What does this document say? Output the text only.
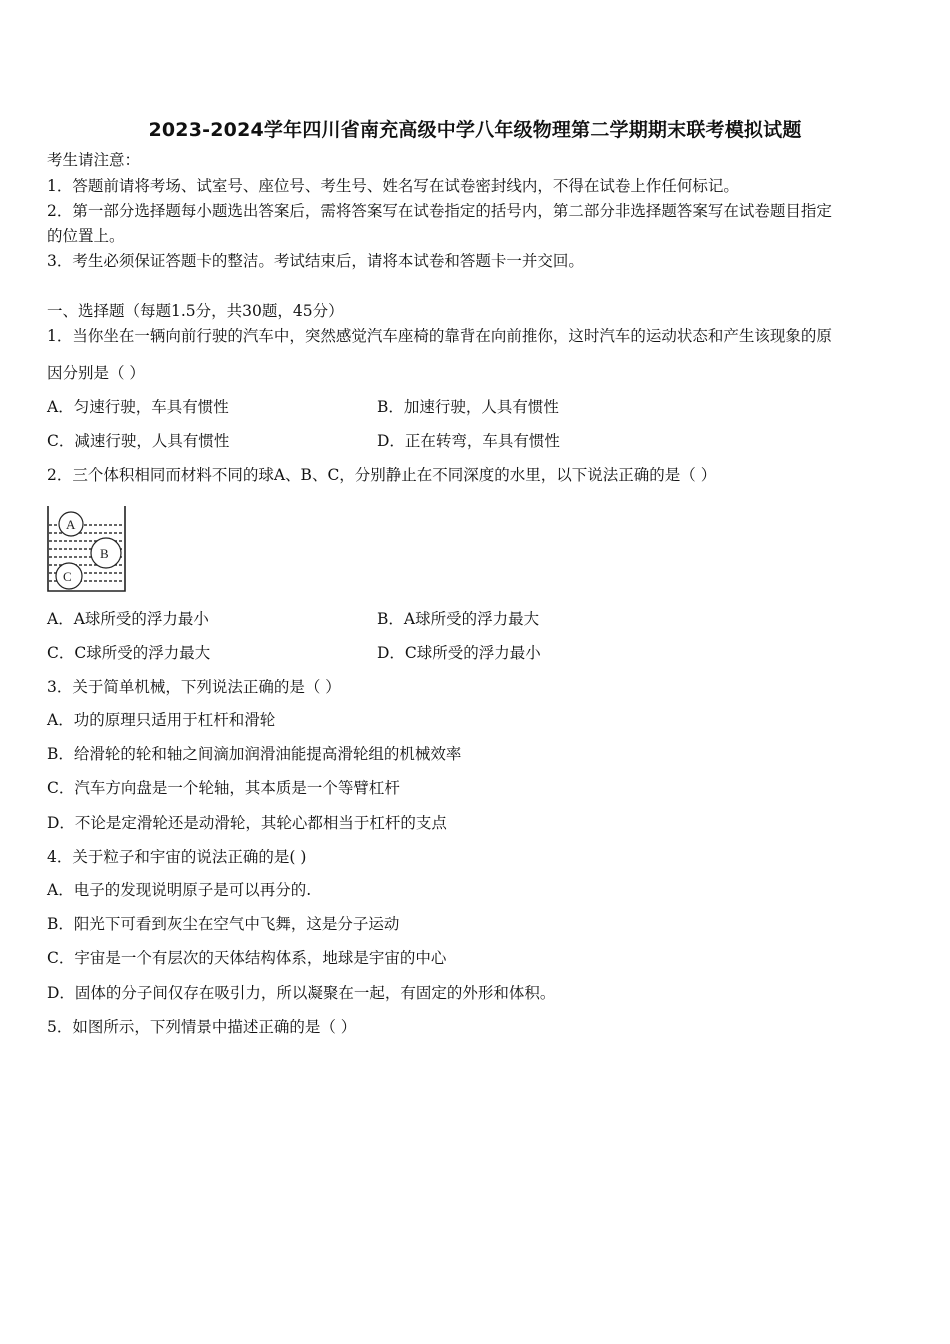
2023-2024学年四川省南充高级中学八年级物理第二学期期末联考模拟试题
考生请注意：
1．答题前请将考场、试室号、座位号、考生号、姓名写在试卷密封线内，不得在试卷上作任何标记。
2．第一部分选择题每小题选出答案后，需将答案写在试卷指定的括号内，第二部分非选择题答案写在试卷题目指定
的位置上。
3．考生必须保证答题卡的整洁。考试结束后，请将本试卷和答题卡一并交回。
一、选择题（每题1.5分，共30题，45分）
1．当你坐在一辆向前行驶的汽车中，突然感觉汽车座椅的靠背在向前推你，这时汽车的运动状态和产生该现象的原
因分别是（ ）
A．匀速行驶，车具有惯性	B．加速行驶，人具有惯性
C．减速行驶，人具有惯性	D．正在转弯，车具有惯性
2．三个体积相同而材料不同的球A、B、C，分别静止在不同深度的水里，以下说法正确的是（ ）
A
B
C
A．A球所受的浮力最小	B．A球所受的浮力最大
C．C球所受的浮力最大	D．C球所受的浮力最小
3．关于简单机械，下列说法正确的是（ ）
A．功的原理只适用于杠杆和滑轮
B．给滑轮的轮和轴之间滴加润滑油能提高滑轮组的机械效率
C．汽车方向盘是一个轮轴，其本质是一个等臂杠杆
D．不论是定滑轮还是动滑轮，其轮心都相当于杠杆的支点
4．关于粒子和宇宙的说法正确的是( )
A．电子的发现说明原子是可以再分的.
B．阳光下可看到灰尘在空气中飞舞，这是分子运动
C．宇宙是一个有层次的天体结构体系，地球是宇宙的中心
D．固体的分子间仅存在吸引力，所以凝聚在一起，有固定的外形和体积。
5．如图所示，下列情景中描述正确的是（ ）
